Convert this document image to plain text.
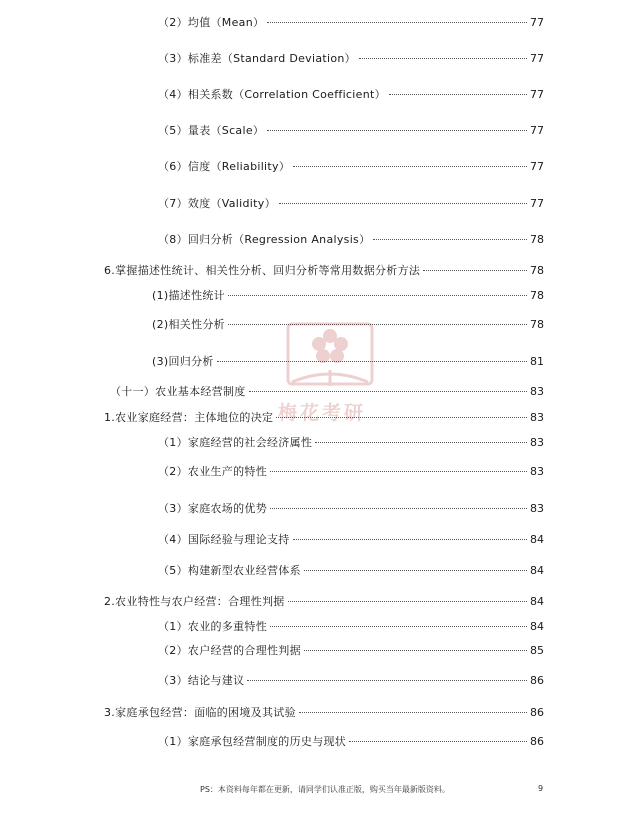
（2）均值（Mean）	77
（3）标准差（Standard Deviation）	77
（4）相关系数（Correlation Coefficient）	77
（5）量表（Scale）	77
（6）信度（Reliability）	77
（7）效度（Validity）	77
（8）回归分析（Regression Analysis）	78
6.掌握描述性统计、相关性分析、回归分析等常用数据分析方法	78
(1)描述性统计	78
(2)相关性分析	78
(3)回归分析	81
（十一）农业基本经营制度	83
1.农业家庭经营：主体地位的决定	83
（1）家庭经营的社会经济属性	83
（2）农业生产的特性	83
（3）家庭农场的优势	83
（4）国际经验与理论支持	84
（5）构建新型农业经营体系	84
2.农业特性与农户经营：合理性判据	84
（1）农业的多重特性	84
（2）农户经营的合理性判据	85
（3）结论与建议	86
3.家庭承包经营：面临的困境及其试验	86
（1）家庭承包经营制度的历史与现状	86
梅花考研
PS：本资料每年都在更新，请同学们认准正版，购买当年最新版资料。	9
